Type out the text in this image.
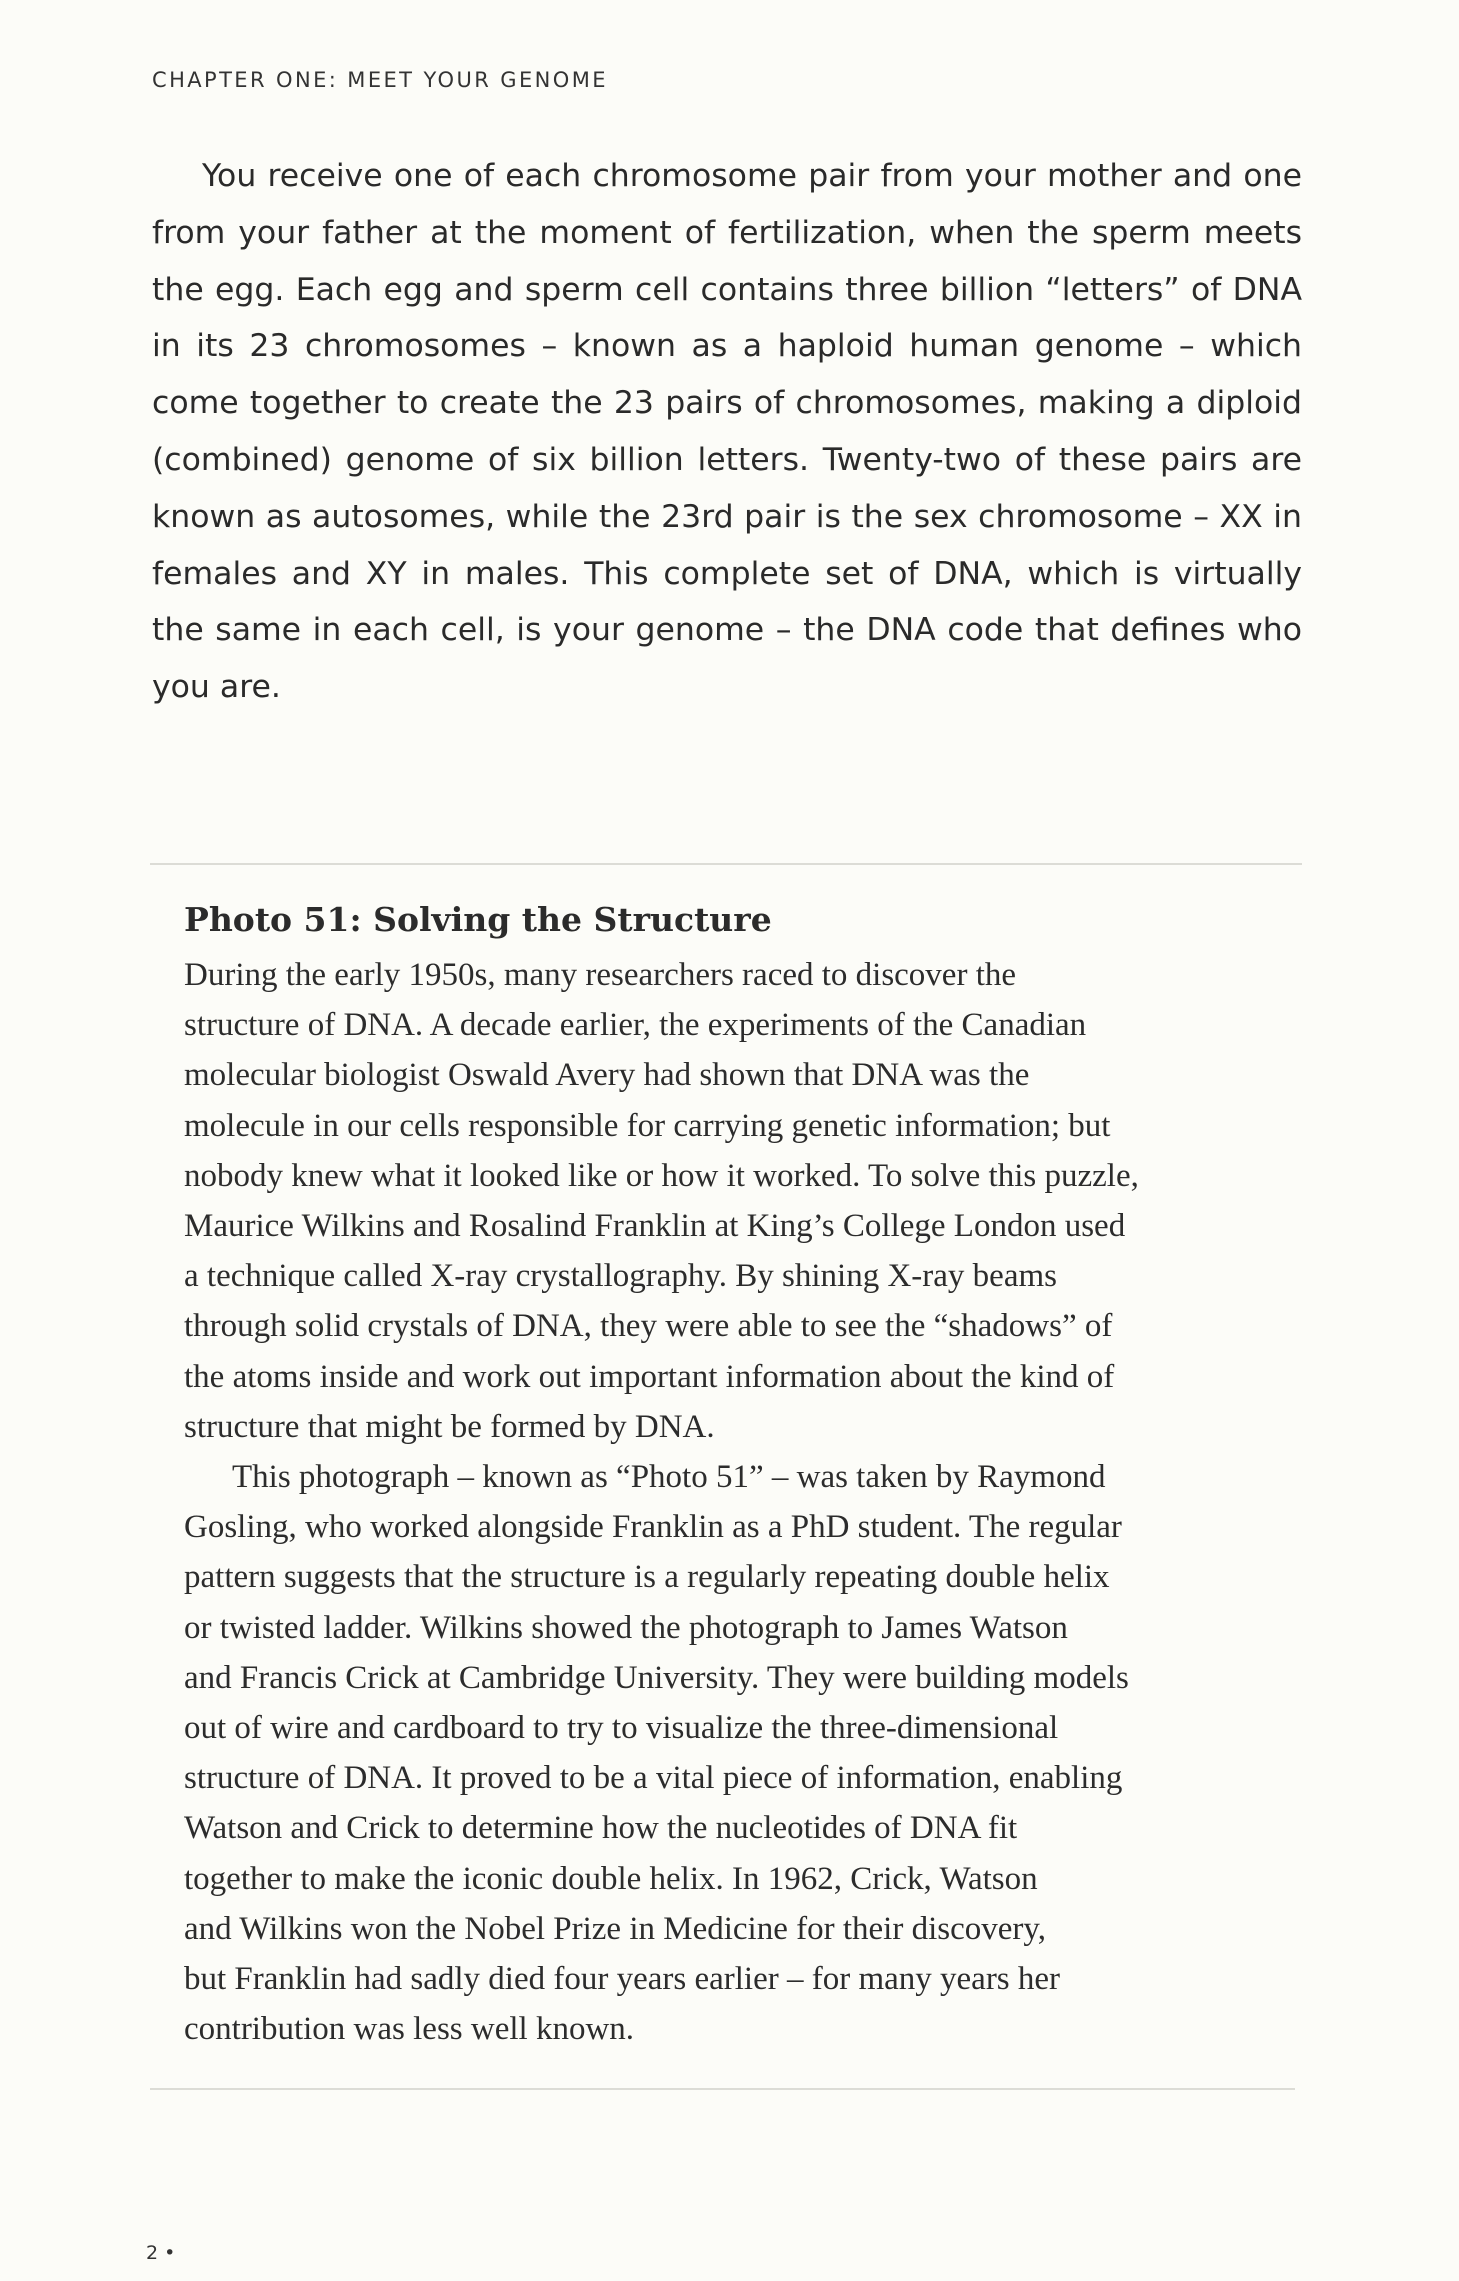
CHAPTER ONE: MEET YOUR GENOME

You receive one of each chromosome pair from your mother and one from your father at the moment of fertilization, when the sperm meets the egg. Each egg and sperm cell contains three billion “letters” of DNA in its 23 chromosomes – known as a haploid human genome – which come together to create the 23 pairs of chromosomes, making a diploid (combined) genome of six billion letters. Twenty-two of these pairs are known as autosomes, while the 23rd pair is the sex chromosome – XX in females and XY in males. This complete set of DNA, which is virtually the same in each cell, is your genome – the DNA code that defines who you are.

Photo 51: Solving the Structure

During the early 1950s, many researchers raced to discover the
structure of DNA. A decade earlier, the experiments of the Canadian
molecular biologist Oswald Avery had shown that DNA was the
molecule in our cells responsible for carrying genetic information; but
nobody knew what it looked like or how it worked. To solve this puzzle,
Maurice Wilkins and Rosalind Franklin at King’s College London used
a technique called X-ray crystallography. By shining X-ray beams
through solid crystals of DNA, they were able to see the “shadows” of
the atoms inside and work out important information about the kind of
structure that might be formed by DNA.

This photograph – known as “Photo 51” – was taken by Raymond
Gosling, who worked alongside Franklin as a PhD student. The regular
pattern suggests that the structure is a regularly repeating double helix
or twisted ladder. Wilkins showed the photograph to James Watson
and Francis Crick at Cambridge University. They were building models
out of wire and cardboard to try to visualize the three-dimensional
structure of DNA. It proved to be a vital piece of information, enabling
Watson and Crick to determine how the nucleotides of DNA fit
together to make the iconic double helix. In 1962, Crick, Watson
and Wilkins won the Nobel Prize in Medicine for their discovery,
but Franklin had sadly died four years earlier – for many years her
contribution was less well known.

2 •
